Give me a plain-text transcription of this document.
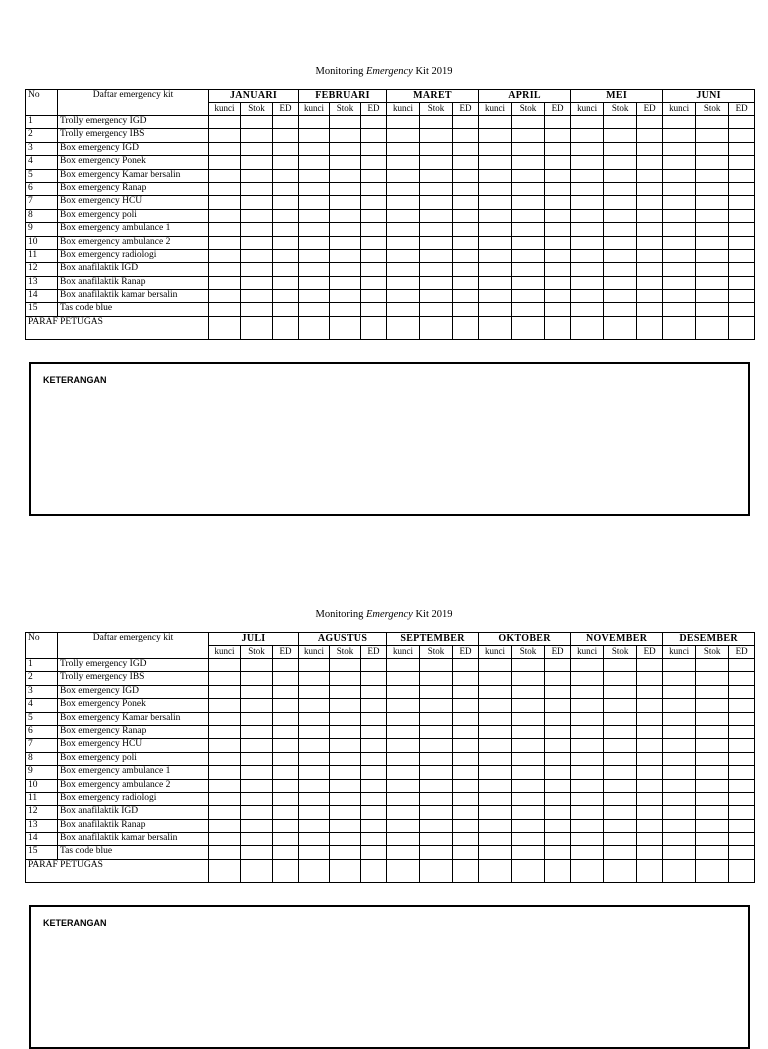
Monitoring Emergency Kit 2019
No	Daftar emergency kit	JANUARI			FEBRUARI			MARET			APRIL			MEI			JUNI		
		kunci	Stok	ED	kunci	Stok	ED	kunci	Stok	ED	kunci	Stok	ED	kunci	Stok	ED	kunci	Stok	ED
1	Trolly emergency IGD																		
2	Trolly emergency IBS																		
3	Box emergency IGD																		
4	Box emergency Ponek																		
5	Box emergency Kamar bersalin																		
6	Box emergency Ranap																		
7	Box emergency HCU																		
8	Box emergency poli																		
9	Box emergency ambulance 1																		
10	Box emergency ambulance 2																		
11	Box emergency radiologi																		
12	Box anafilaktik IGD																		
13	Box anafilaktik Ranap																		
14	Box anafilaktik kamar bersalin																		
15	Tas code blue																		
PARAF PETUGAS																			
KETERANGAN
Monitoring Emergency Kit 2019
No	Daftar emergency kit	JULI			AGUSTUS			SEPTEMBER			OKTOBER			NOVEMBER			DESEMBER		
		kunci	Stok	ED	kunci	Stok	ED	kunci	Stok	ED	kunci	Stok	ED	kunci	Stok	ED	kunci	Stok	ED
1	Trolly emergency IGD																		
2	Trolly emergency IBS																		
3	Box emergency IGD																		
4	Box emergency Ponek																		
5	Box emergency Kamar bersalin																		
6	Box emergency Ranap																		
7	Box emergency HCU																		
8	Box emergency poli																		
9	Box emergency ambulance 1																		
10	Box emergency ambulance 2																		
11	Box emergency radiologi																		
12	Box anafilaktik IGD																		
13	Box anafilaktik Ranap																		
14	Box anafilaktik kamar bersalin																		
15	Tas code blue																		
PARAF PETUGAS																			
KETERANGAN
